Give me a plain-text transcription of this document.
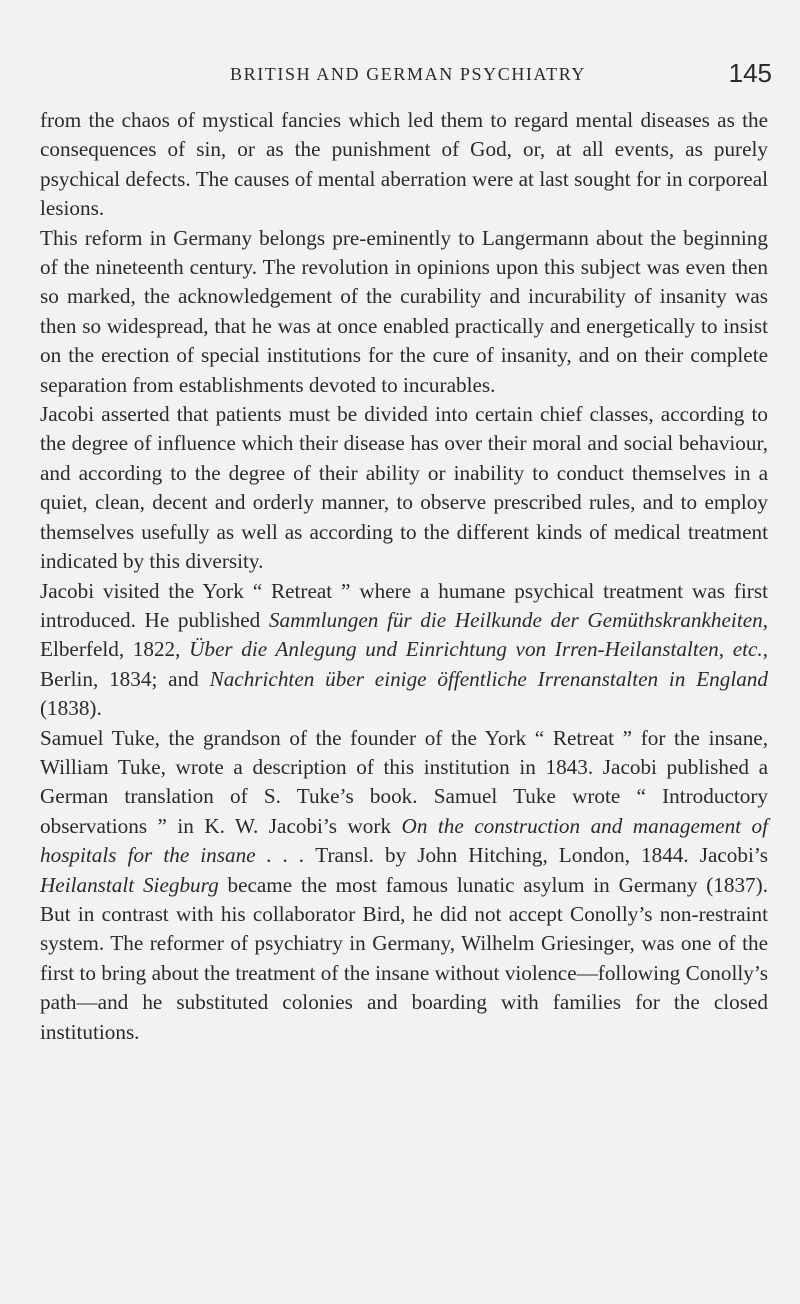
BRITISH AND GERMAN PSYCHIATRY	145

from the chaos of mystical fancies which led them to regard mental diseases as the consequences of sin, or as the punishment of God, or, at all events, as purely psychical defects. The causes of mental aberration were at last sought for in corporeal lesions.

This reform in Germany belongs pre-eminently to Langermann about the beginning of the nineteenth century. The revolution in opinions upon this subject was even then so marked, the acknowledgement of the curability and incurability of insanity was then so widespread, that he was at once enabled practically and energetically to insist on the erection of special institutions for the cure of insanity, and on their complete separation from establishments devoted to incurables.

Jacobi asserted that patients must be divided into certain chief classes, according to the degree of influence which their disease has over their moral and social behaviour, and according to the degree of their ability or inability to conduct themselves in a quiet, clean, decent and orderly manner, to observe prescribed rules, and to employ themselves usefully as well as according to the different kinds of medical treatment indicated by this diversity.

Jacobi visited the York “ Retreat ” where a humane psychical treatment was first introduced. He published Sammlungen für die Heilkunde der Gemüthskrankheiten, Elberfeld, 1822, Über die Anlegung und Einrichtung von Irren-Heilanstalten, etc., Berlin, 1834; and Nachrichten über einige öffentliche Irrenanstalten in England (1838).

Samuel Tuke, the grandson of the founder of the York “ Retreat ” for the insane, William Tuke, wrote a description of this institution in 1843. Jacobi published a German translation of S. Tuke’s book. Samuel Tuke wrote “ Introductory observations ” in K. W. Jacobi’s work On the construction and management of hospitals for the insane . . . Transl. by John Hitching, London, 1844. Jacobi’s Heilanstalt Siegburg became the most famous lunatic asylum in Germany (1837). But in contrast with his collaborator Bird, he did not accept Conolly’s non-restraint system. The reformer of psychiatry in Germany, Wilhelm Griesinger, was one of the first to bring about the treatment of the insane without violence—following Conolly’s path—and he substituted colonies and boarding with families for the closed institutions.
